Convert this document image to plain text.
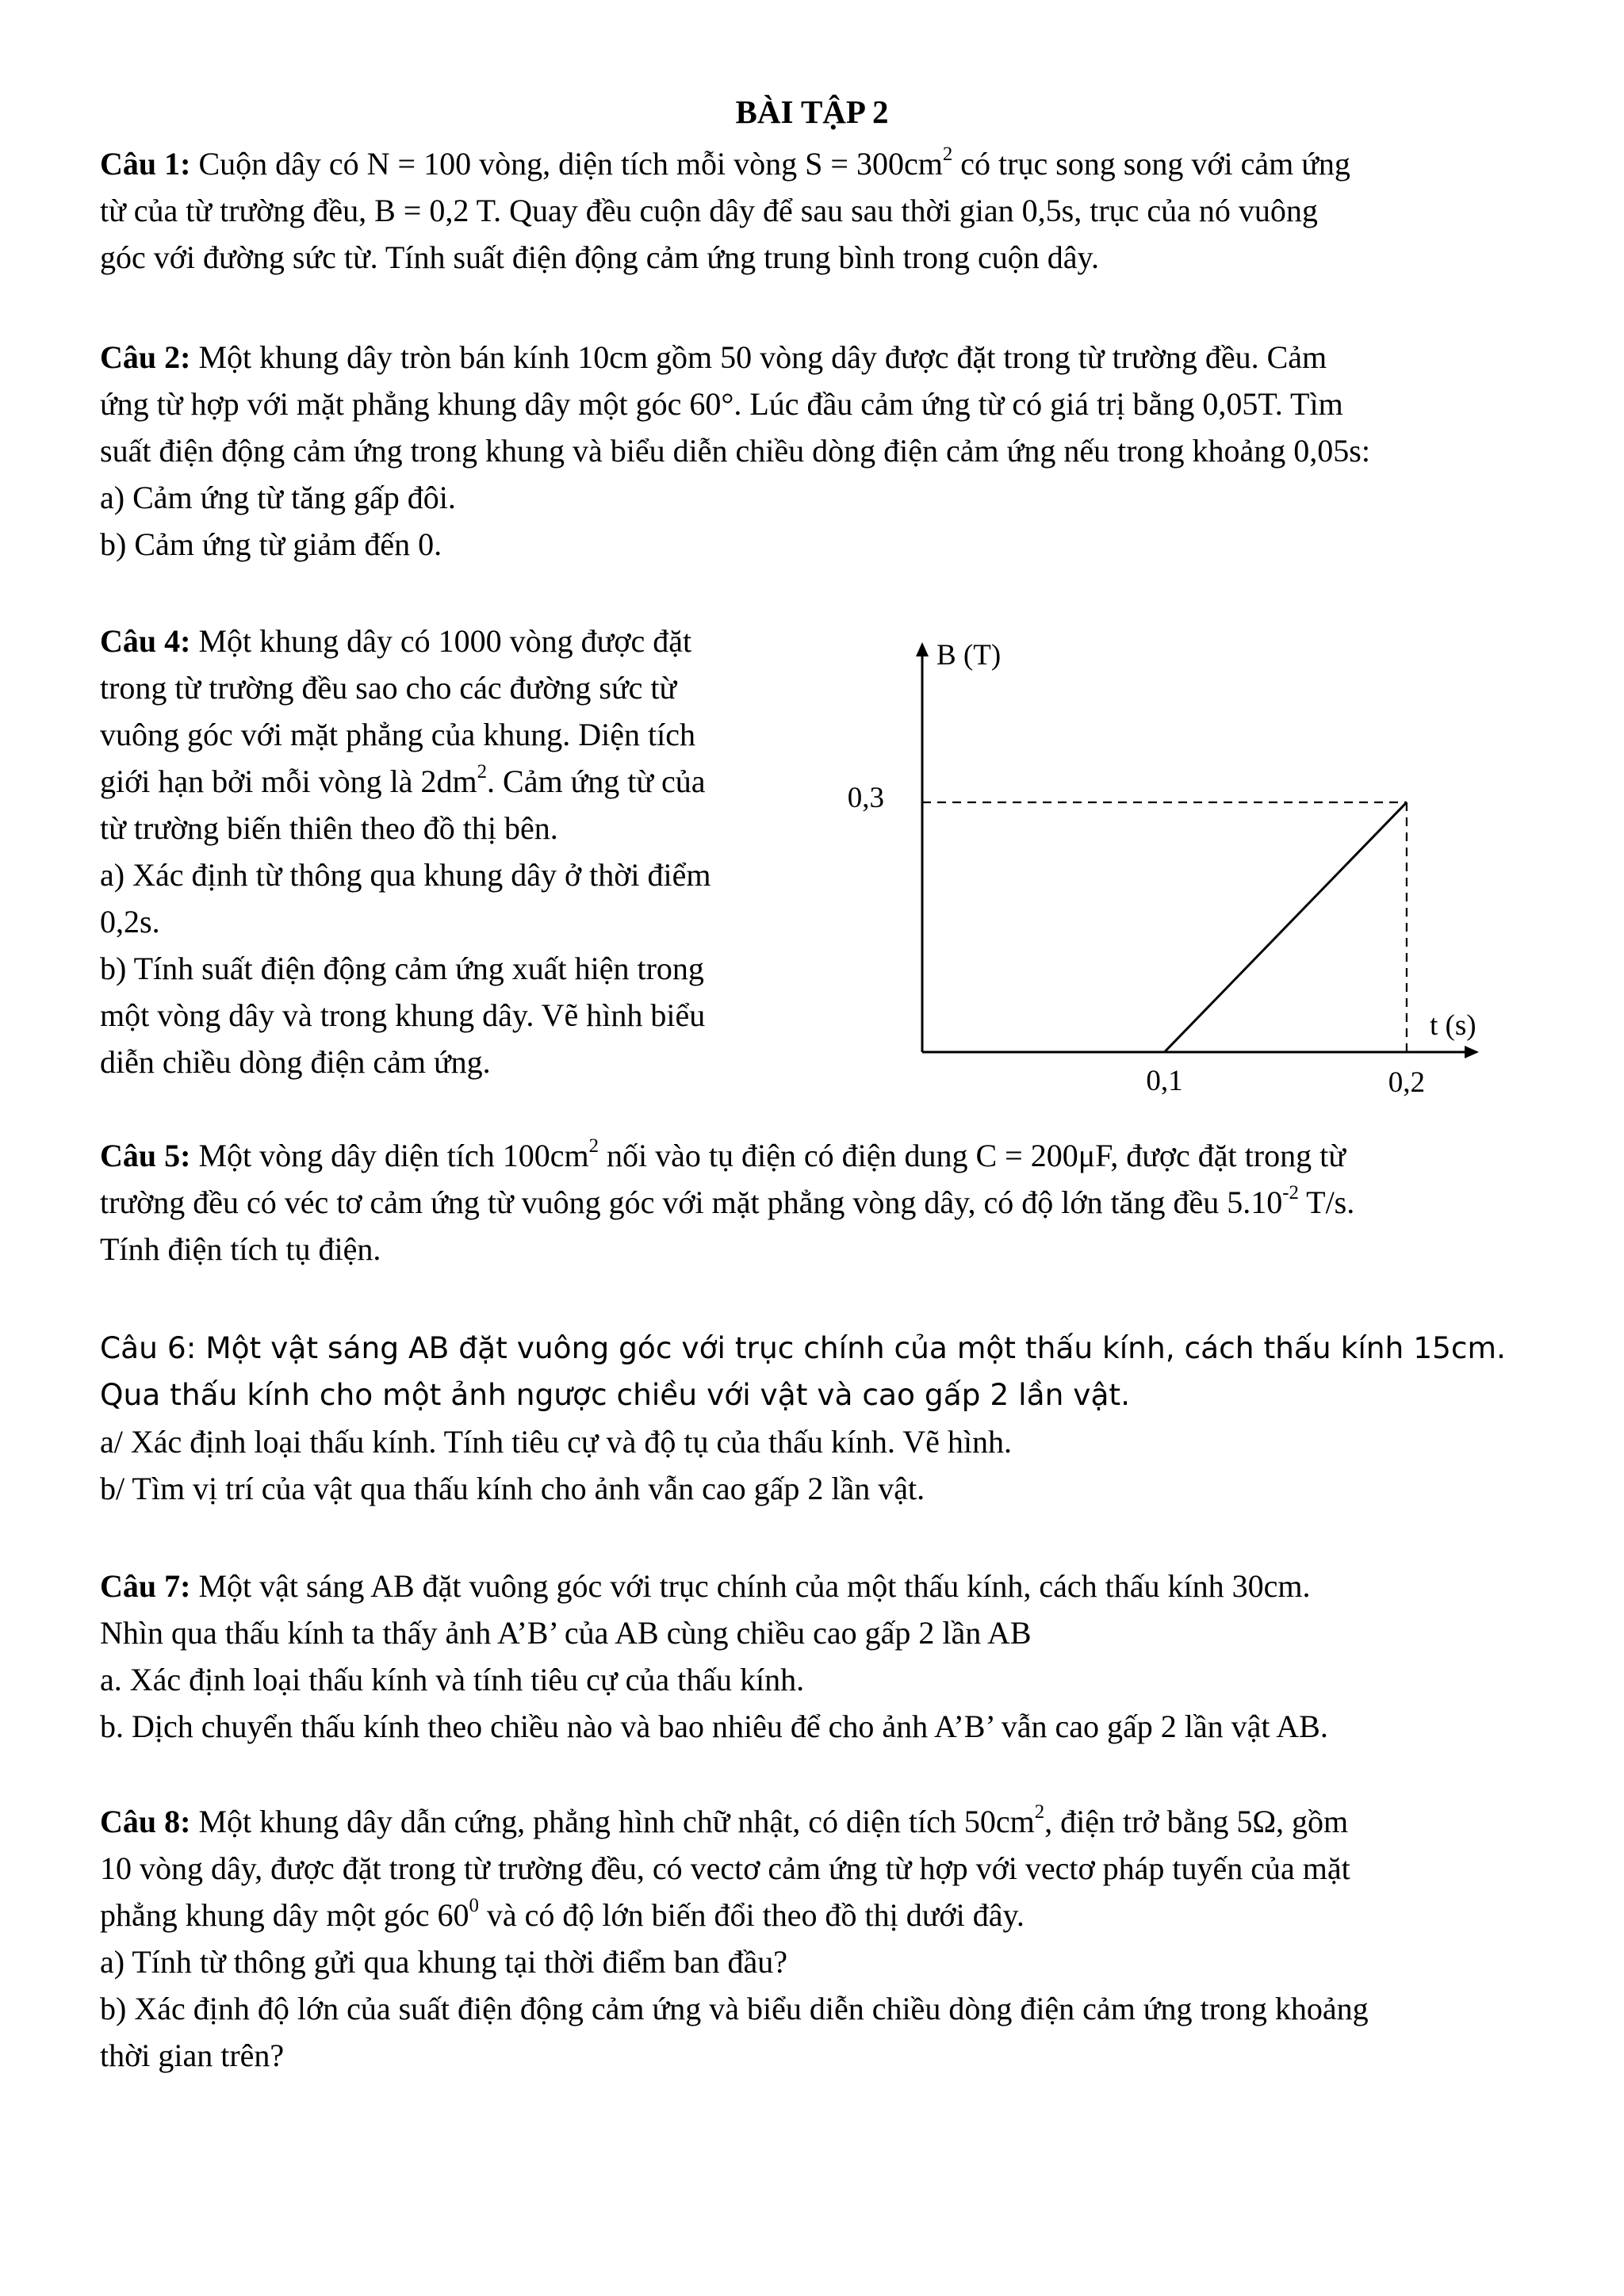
BÀI TẬP 2
Câu 1: Cuộn dây có N = 100 vòng, diện tích mỗi vòng $S = 300cm^2$ có trục song song với cảm ứng
từ của từ trường đều, B = 0,2 T. Quay đều cuộn dây để sau sau thời gian 0,5s, trục của nó vuông
góc với đường sức từ. Tính suất điện động cảm ứng trung bình trong cuộn dây.
Câu 2: Một khung dây tròn bán kính 10cm gồm 50 vòng dây được đặt trong từ trường đều. Cảm
ứng từ hợp với mặt phẳng khung dây một góc 60°. Lúc đầu cảm ứng từ có giá trị bằng 0,05T. Tìm
suất điện động cảm ứng trong khung và biểu diễn chiều dòng điện cảm ứng nếu trong khoảng 0,05s:
a) Cảm ứng từ tăng gấp đôi.
b) Cảm ứng từ giảm đến 0.
Câu 4: Một khung dây có 1000 vòng được đặt
trong từ trường đều sao cho các đường sức từ
vuông góc với mặt phẳng của khung. Diện tích
giới hạn bởi mỗi vòng là $2dm^2$. Cảm ứng từ của
từ trường biến thiên theo đồ thị bên.
a) Xác định từ thông qua khung dây ở thời điểm
0,2s.
b) Tính suất điện động cảm ứng xuất hiện trong
một vòng dây và trong khung dây. Vẽ hình biểu
diễn chiều dòng điện cảm ứng.
B (T)
t (s)
0,3
0,1	0,2
Câu 5: Một vòng dây diện tích $100cm^2$ nối vào tụ điện có điện dung C = 200μF, được đặt trong từ
trường đều có véc tơ cảm ứng từ vuông góc với mặt phẳng vòng dây, có độ lớn tăng đều $5.10^{-2}$ T/s.
Tính điện tích tụ điện.
Câu 6: Một vật sáng AB đặt vuông góc với trục chính của một thấu kính, cách thấu kính 15cm.
Qua thấu kính cho một ảnh ngược chiều với vật và cao gấp 2 lần vật.
a/ Xác định loại thấu kính. Tính tiêu cự và độ tụ của thấu kính. Vẽ hình.
b/ Tìm vị trí của vật qua thấu kính cho ảnh vẫn cao gấp 2 lần vật.
Câu 7: Một vật sáng AB đặt vuông góc với trục chính của một thấu kính, cách thấu kính 30cm.
Nhìn qua thấu kính ta thấy ảnh A’B’ của AB cùng chiều cao gấp 2 lần AB
a. Xác định loại thấu kính và tính tiêu cự của thấu kính.
b. Dịch chuyển thấu kính theo chiều nào và bao nhiêu để cho ảnh A’B’ vẫn cao gấp 2 lần vật AB.
Câu 8: Một khung dây dẫn cứng, phẳng hình chữ nhật, có diện tích $50cm^2$, điện trở bằng 5Ω, gồm
10 vòng dây, được đặt trong từ trường đều, có vectơ cảm ứng từ hợp với vectơ pháp tuyến của mặt
phẳng khung dây một góc $60^0$ và có độ lớn biến đổi theo đồ thị dưới đây.
a) Tính từ thông gửi qua khung tại thời điểm ban đầu?
b) Xác định độ lớn của suất điện động cảm ứng và biểu diễn chiều dòng điện cảm ứng trong khoảng
thời gian trên?
